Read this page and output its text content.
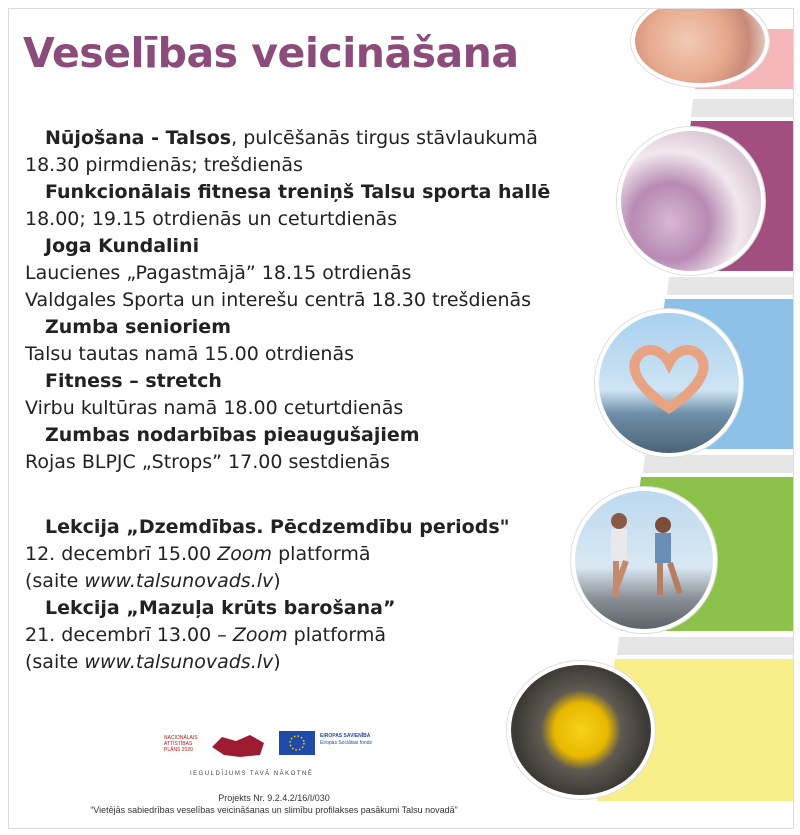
Veselības veicināšana
Nūjošana - Talsos, pulcēšanās tirgus stāvlaukumā
18.30 pirmdienās; trešdienās
Funkcionālais fitnesa treniņš Talsu sporta hallē
18.00; 19.15 otrdienās un ceturtdienās
Joga Kundalini
Laucienes „Pagastmājā” 18.15 otrdienās
Valdgales Sporta un interešu centrā 18.30 trešdienās
Zumba senioriem
Talsu tautas namā 15.00 otrdienās
Fitness – stretch
Virbu kultūras namā 18.00 ceturtdienās
Zumbas nodarbības pieaugušajiem
Rojas BLPJC „Strops” 17.00 sestdienās
Lekcija „Dzemdības. Pēcdzemdību periods"
12. decembrī 15.00 Zoom platformā
(saite www.talsunovads.lv)
Lekcija „Mazuļa krūts barošana”
21. decembrī 13.00 – Zoom platformā
(saite www.talsunovads.lv)
NACIONĀLAIS ATTĪSTĪBAS PLĀNS 2020
EIROPAS SAVIENĪBA
Eiropas Sociālais fonds
IEGULDĪJUMS TAVĀ NĀKOTNĒ
Projekts Nr. 9.2.4.2/16/I/030
“Vietējās sabiedrības veselības veicināšanas un slimību profilakses pasākumi Talsu novadā”
